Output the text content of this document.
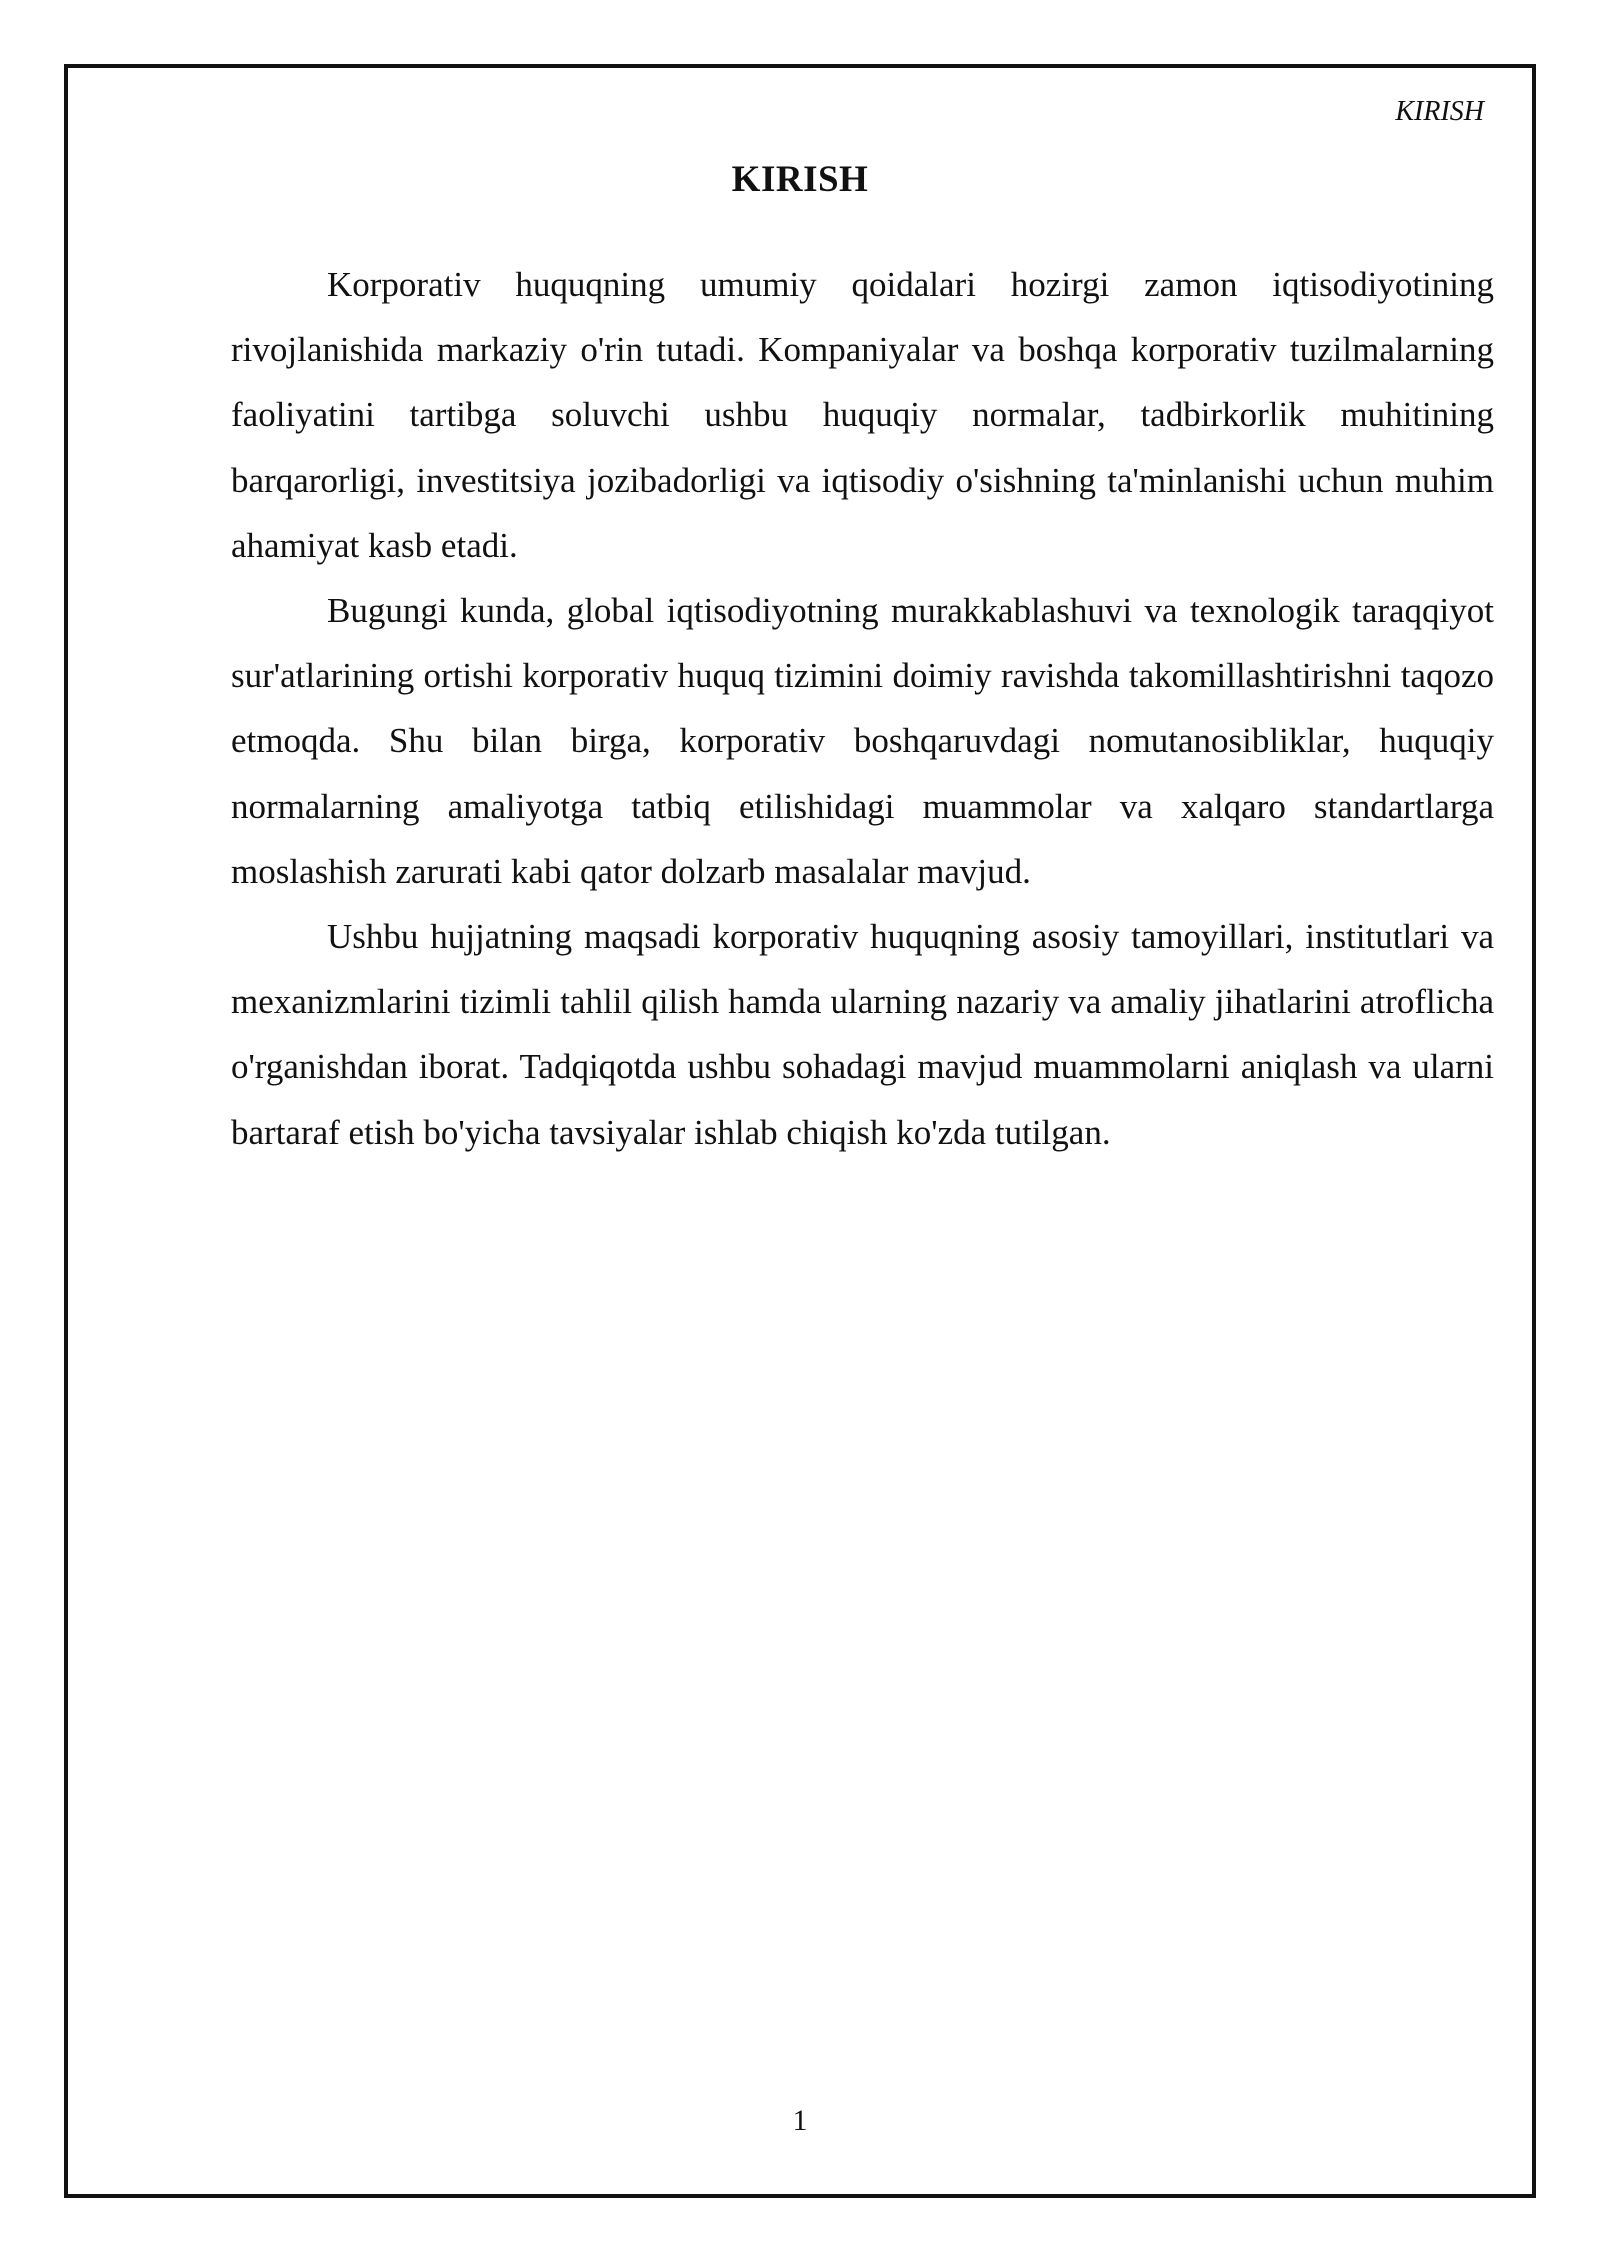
KIRISH
KIRISH

Korporativ huquqning umumiy qoidalari hozirgi zamon iqtisodiyotining rivojlanishida markaziy o'rin tutadi. Kompaniyalar va boshqa korporativ tuzilmalarning faoliyatini tartibga soluvchi ushbu huquqiy normalar, tadbirkorlik muhitining barqarorligi, investitsiya jozibadorligi va iqtisodiy o'sishning ta'minlanishi uchun muhim ahamiyat kasb etadi.

Bugungi kunda, global iqtisodiyotning murakkablashuvi va texnologik taraqqiyot sur'atlarining ortishi korporativ huquq tizimini doimiy ravishda takomillashtirishni taqozo etmoqda. Shu bilan birga, korporativ boshqaruvdagi nomutanosibliklar, huquqiy normalarning amaliyotga tatbiq etilishidagi muammolar va xalqaro standartlarga moslashish zarurati kabi qator dolzarb masalalar mavjud.

Ushbu hujjatning maqsadi korporativ huquqning asosiy tamoyillari, institutlari va mexanizmlarini tizimli tahlil qilish hamda ularning nazariy va amaliy jihatlarini atroflicha o'rganishdan iborat. Tadqiqotda ushbu sohadagi mavjud muammolarni aniqlash va ularni bartaraf etish bo'yicha tavsiyalar ishlab chiqish ko'zda tutilgan.

1
